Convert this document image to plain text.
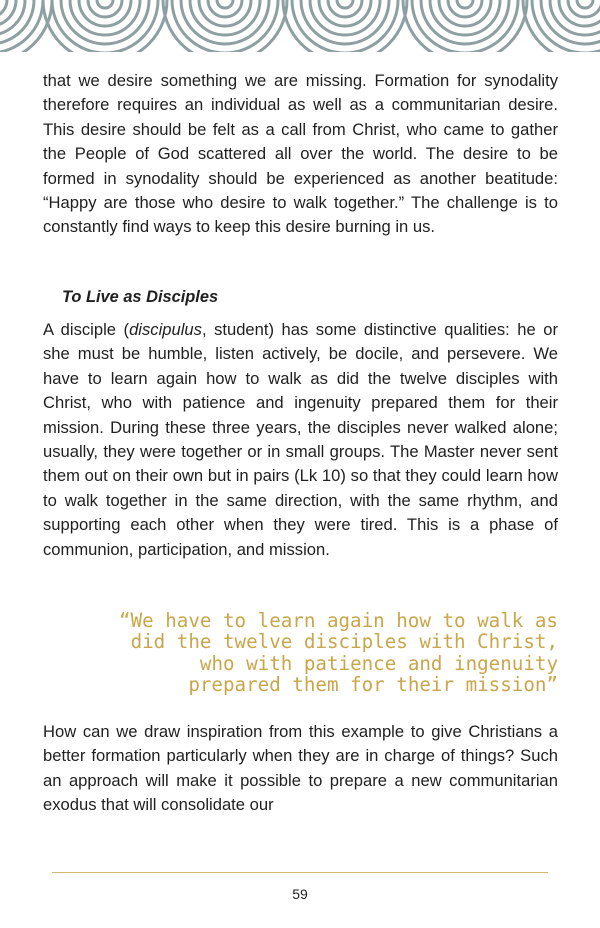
that we desire something we are missing. Formation for synodality therefore requires an individual as well as a communitarian desire. This desire should be felt as a call from Christ, who came to gather the People of God scattered all over the world. The desire to be formed in synodality should be experienced as another beatitude: “Happy are those who desire to walk together.” The challenge is to constantly find ways to keep this desire burning in us.

To Live as Disciples

A disciple (discipulus, student) has some distinctive qualities: he or she must be humble, listen actively, be docile, and persevere. We have to learn again how to walk as did the twelve disciples with Christ, who with patience and ingenuity prepared them for their mission. During these three years, the disciples never walked alone; usually, they were together or in small groups. The Master never sent them out on their own but in pairs (Lk 10) so that they could learn how to walk together in the same direction, with the same rhythm, and supporting each other when they were tired. This is a phase of communion, participation, and mission.

“We have to learn again how to walk as did the twelve disciples with Christ, who with patience and ingenuity prepared them for their mission”

How can we draw inspiration from this example to give Christians a better formation particularly when they are in charge of things? Such an approach will make it possible to prepare a new communitarian exodus that will consolidate our

59
